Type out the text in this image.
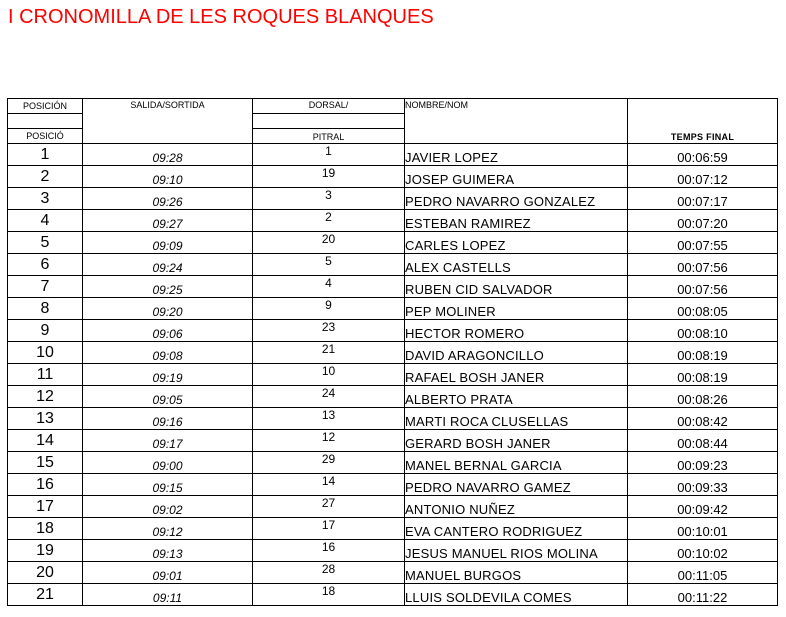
I CRONOMILLA DE LES ROQUES BLANQUES
POSICIÓN	SALIDA/SORTIDA	DORSAL/	NOMBRE/NOM	TEMPS FINAL

POSICIÓ		PITRAL		
1	09:28	1	JAVIER LOPEZ	00:06:59
2	09:10	19	JOSEP GUIMERA	00:07:12
3	09:26	3	PEDRO NAVARRO GONZALEZ	00:07:17
4	09:27	2	ESTEBAN RAMIREZ	00:07:20
5	09:09	20	CARLES LOPEZ	00:07:55
6	09:24	5	ALEX CASTELLS	00:07:56
7	09:25	4	RUBEN CID SALVADOR	00:07:56
8	09:20	9	PEP MOLINER	00:08:05
9	09:06	23	HECTOR ROMERO	00:08:10
10	09:08	21	DAVID ARAGONCILLO	00:08:19
11	09:19	10	RAFAEL BOSH JANER	00:08:19
12	09:05	24	ALBERTO PRATA	00:08:26
13	09:16	13	MARTI ROCA CLUSELLAS	00:08:42
14	09:17	12	GERARD BOSH JANER	00:08:44
15	09:00	29	MANEL BERNAL GARCIA	00:09:23
16	09:15	14	PEDRO NAVARRO GAMEZ	00:09:33
17	09:02	27	ANTONIO NUÑEZ	00:09:42
18	09:12	17	EVA CANTERO RODRIGUEZ	00:10:01
19	09:13	16	JESUS MANUEL RIOS MOLINA	00:10:02
20	09:01	28	MANUEL BURGOS	00:11:05
21	09:11	18	LLUIS SOLDEVILA COMES	00:11:22
